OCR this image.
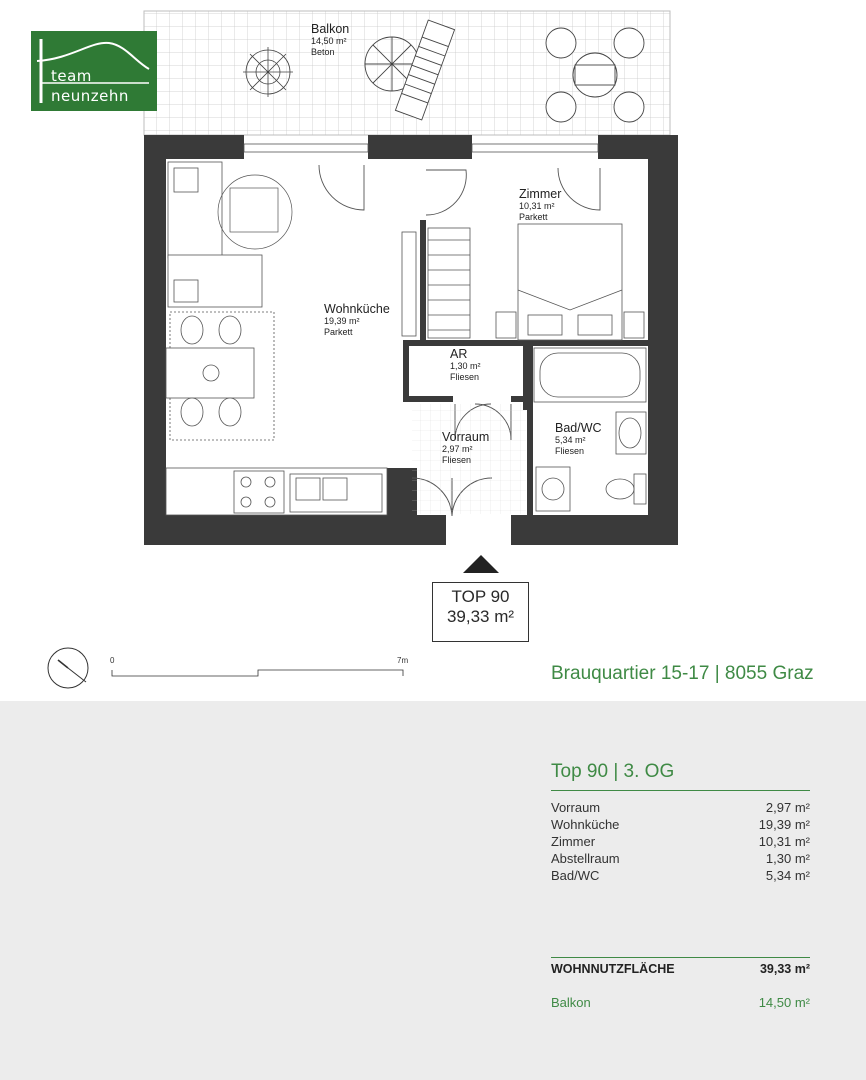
team
neunzehn
Balkon
14,50 m²
Beton
Zimmer
10,31 m²
Parkett
Wohnküche
19,39 m²
Parkett
AR
1,30 m²
Fliesen
Vorraum
2,97 m²
Fliesen
Bad/WC
5,34 m²
Fliesen
TOP 90
39,33 m²
0	7m
Brauquartier 15-17 | 8055 Graz
Top 90 | 3. OG
Vorraum	2,97 m²
Wohnküche	19,39 m²
Zimmer	10,31 m²
Abstellraum	1,30 m²
Bad/WC	5,34 m²
WOHNNUTZFLÄCHE	39,33 m²
Balkon	14,50 m²
